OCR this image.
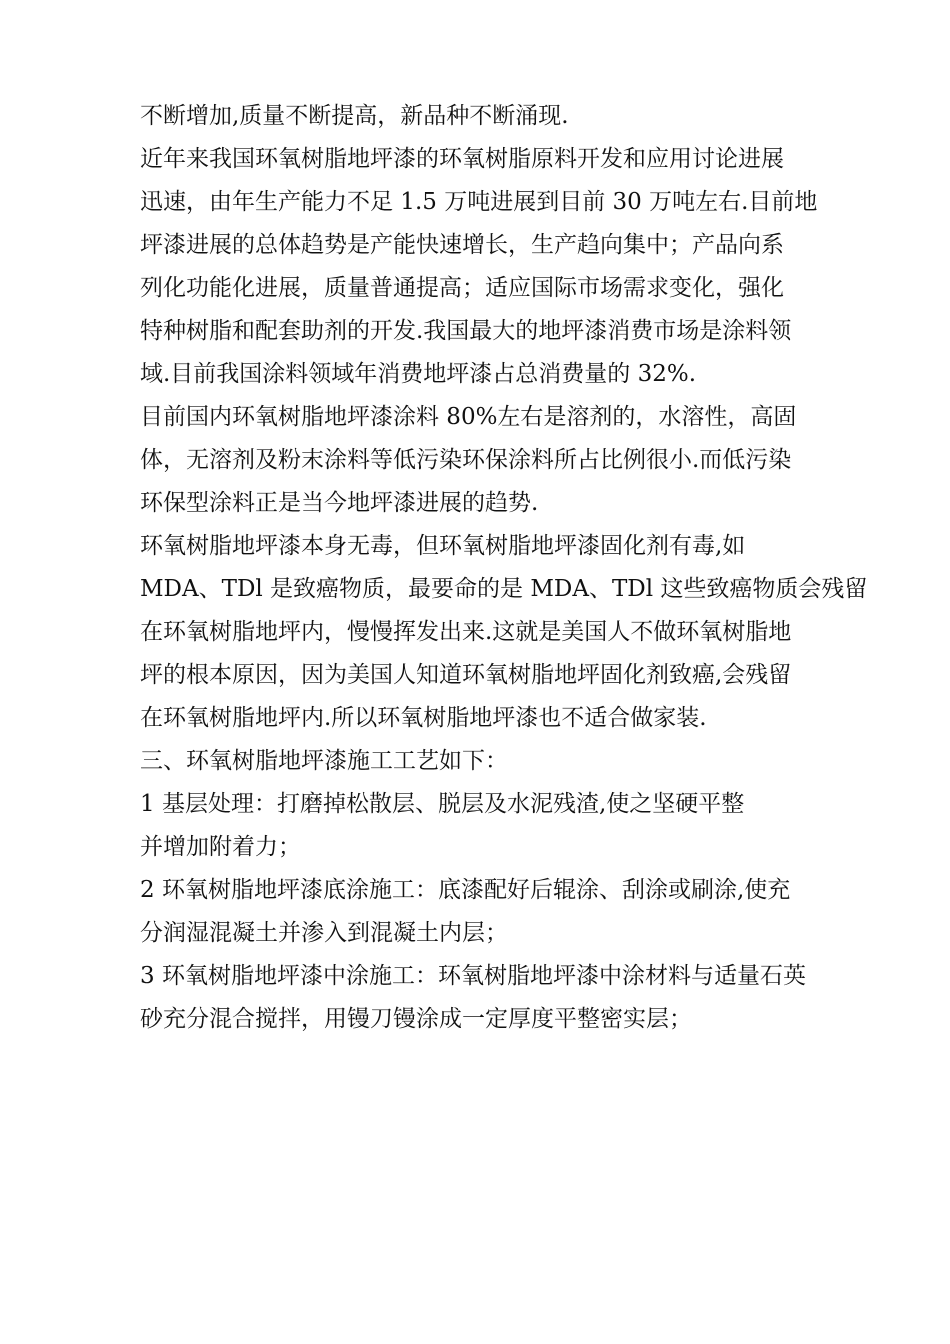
不断增加,质量不断提高，新品种不断涌现.
近年来我国环氧树脂地坪漆的环氧树脂原料开发和应用讨论进展
迅速，由年生产能力不足 1.5 万吨进展到目前 30 万吨左右.目前地
坪漆进展的总体趋势是产能快速增长，生产趋向集中；产品向系
列化功能化进展，质量普通提高；适应国际市场需求变化，强化
特种树脂和配套助剂的开发.我国最大的地坪漆消费市场是涂料领
域.目前我国涂料领域年消费地坪漆占总消费量的 32%.
目前国内环氧树脂地坪漆涂料 80%左右是溶剂的，水溶性，高固
体，无溶剂及粉末涂料等低污染环保涂料所占比例很小.而低污染
环保型涂料正是当今地坪漆进展的趋势.
环氧树脂地坪漆本身无毒，但环氧树脂地坪漆固化剂有毒,如
MDA、TDl 是致癌物质，最要命的是 MDA、TDl 这些致癌物质会残留
在环氧树脂地坪内，慢慢挥发出来.这就是美国人不做环氧树脂地
坪的根本原因，因为美国人知道环氧树脂地坪固化剂致癌,会残留
在环氧树脂地坪内.所以环氧树脂地坪漆也不适合做家装.
三、环氧树脂地坪漆施工工艺如下：
1 基层处理：打磨掉松散层、脱层及水泥残渣,使之坚硬平整
并增加附着力；
2 环氧树脂地坪漆底涂施工：底漆配好后辊涂、刮涂或刷涂,使充
分润湿混凝土并渗入到混凝土内层；
3 环氧树脂地坪漆中涂施工：环氧树脂地坪漆中涂材料与适量石英
砂充分混合搅拌，用镘刀镘涂成一定厚度平整密实层；
